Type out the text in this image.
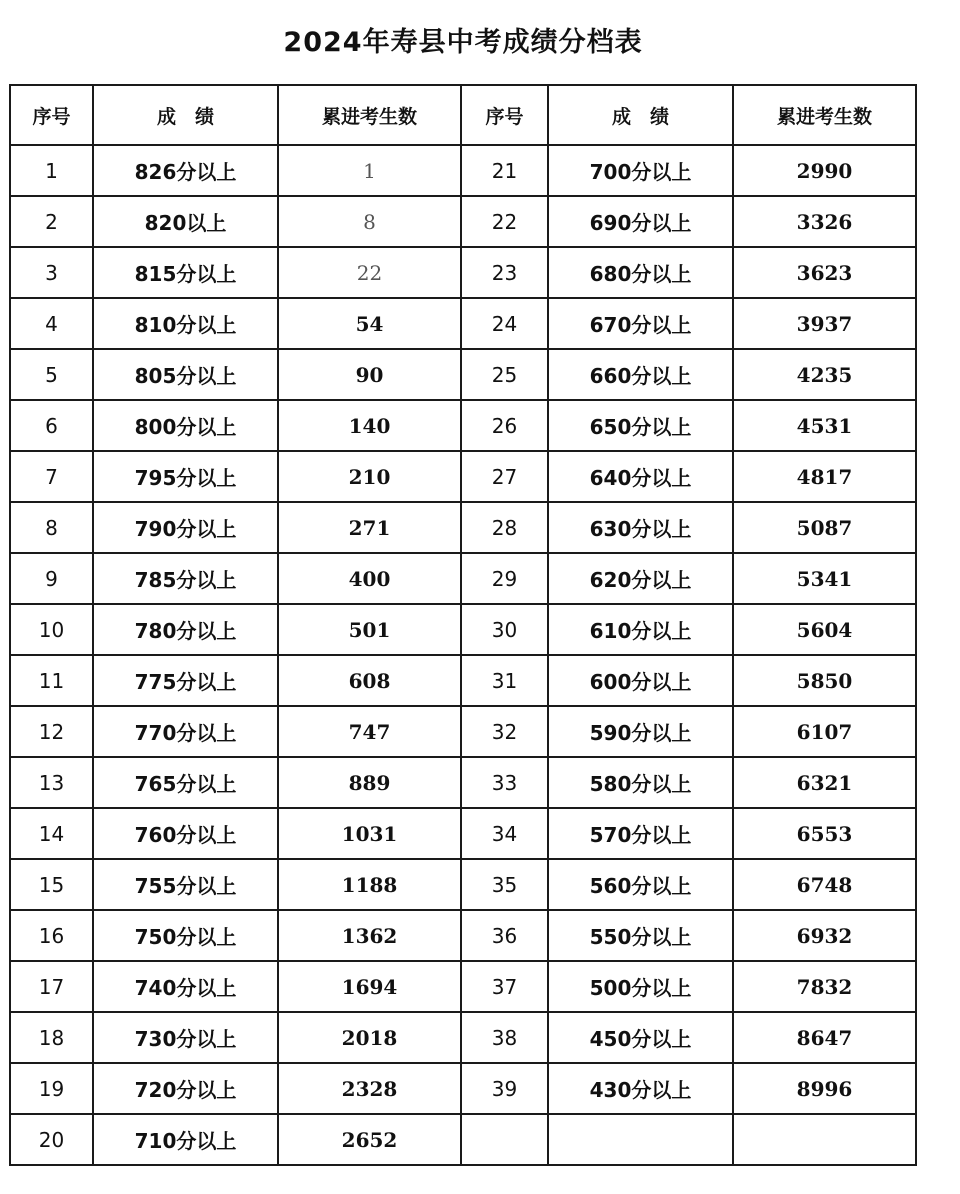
2024年寿县中考成绩分档表
序号	成　绩	累进考生数	序号	成　绩	累进考生数
1	826分以上	1	21	700分以上	2990
2	820以上	8	22	690分以上	3326
3	815分以上	22	23	680分以上	3623
4	810分以上	54	24	670分以上	3937
5	805分以上	90	25	660分以上	4235
6	800分以上	140	26	650分以上	4531
7	795分以上	210	27	640分以上	4817
8	790分以上	271	28	630分以上	5087
9	785分以上	400	29	620分以上	5341
10	780分以上	501	30	610分以上	5604
11	775分以上	608	31	600分以上	5850
12	770分以上	747	32	590分以上	6107
13	765分以上	889	33	580分以上	6321
14	760分以上	1031	34	570分以上	6553
15	755分以上	1188	35	560分以上	6748
16	750分以上	1362	36	550分以上	6932
17	740分以上	1694	37	500分以上	7832
18	730分以上	2018	38	450分以上	8647
19	720分以上	2328	39	430分以上	8996
20	710分以上	2652			
